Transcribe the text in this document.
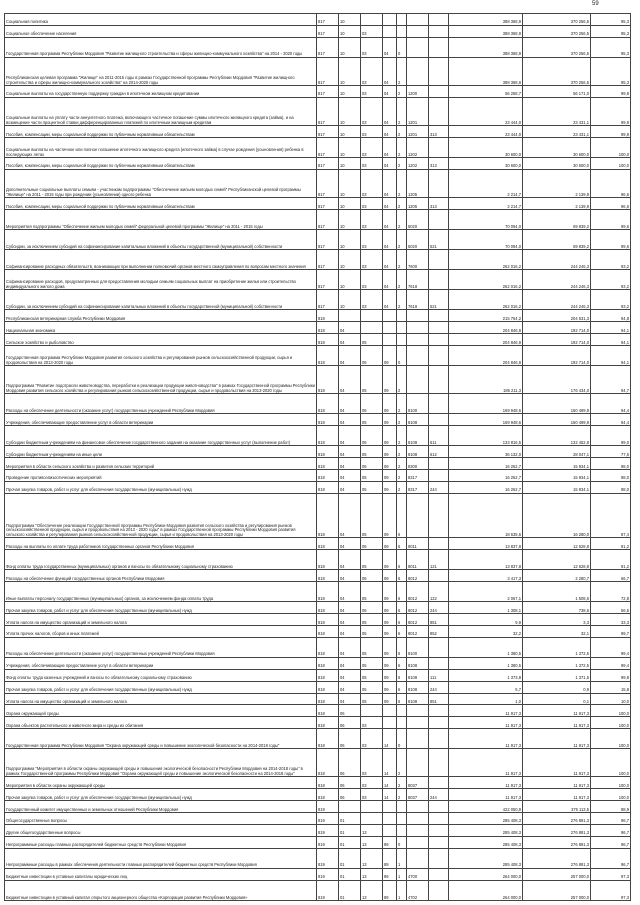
59
Социальная политика	817	10						388 368,9	370 256,5	95,3
Социальное обеспечение населения	817	10	03					388 368,9	370 256,5	95,3
Государственная программа Республики Мордовия "Развитие жилищного строительства и сферы жилищно-коммунального хозяйства" на 2014 - 2020 годы	817	10	03	04	0			388 368,9	370 256,5	95,3
Республиканская целевая программа "Жилище" на 2011-2015 годы в рамках Государственной программы Республики Мордовия "Развитие жилищного строительства и сферы жилищно-коммунального хозяйства" на 2014-2020 годы	817	10	03	04	2			388 368,9	370 256,5	95,3
Социальные выплаты на государственную поддержку граждан в ипотечном жилищном кредитовании	817	10	03	04	2	1200		56 258,7	56 171,0	99,8
Социальные выплаты на уплату части аннуитетного платежа, включающего частичное погашение суммы ипотечного жилищного кредита (займа), и на возмещение части процентной ставки дифференцированных платежей по ипотечным жилищным кредитам	817	10	03	04	2	1201		23 444,0	23 431,1	99,9
Пособия, компенсации, меры социальной поддержки по публичным нормативным обязательствам	817	10	03	04	2	1201	313	23 444,0	23 431,1	99,9
Социальные выплаты на частичное или полное погашение ипотечного жилищного кредита (ипотечного займа) в случае рождения (усыновления) ребенка в последующих летах	817	10	03	04	2	1202		30 600,0	30 600,0	100,0
Пособия, компенсации, меры социальной поддержки по публичным нормативным обязательствам	817	10	03	04	2	1202	313	30 600,0	30 600,0	100,0
Дополнительные социальные выплаты семьям - участникам подпрограммы "Обеспечение жильем молодых семей" Республиканской целевой программы "Жилище" на 2011 - 2015 годы при рождении (усыновлении) одного ребенка	817	10	03	04	2	1205		2 214,7	2 139,9	96,6
Пособия, компенсации, меры социальной поддержки по публичным нормативным обязательствам	817	10	03	04	2	1205	313	2 214,7	2 139,9	96,6
Мероприятия подпрограммы "Обеспечение жильем молодых семей" федеральной целевой программы "Жилище" на 2011 - 2015 годы	817	10	03	04	2	5020		70 094,0	69 839,2	99,6
Субсидии, за исключением субсидий на софинансирование капитальных вложений в объекты государственной (муниципальной) собственности	817	10	03	04	2	5020	521	70 094,0	69 839,2	99,6
Софинансирование расходных обязательств, возникающих при выполнении полномочий органов местного самоуправления по вопросам местного значения	817	10	03	04	2	7600		262 016,2	244 246,3	93,2
Софинансирование расходов, предусмотренных для предоставления молодым семьям социальных выплат на приобретение жилья или строительство индивидуального жилого дома	817	10	03	04	2	7618		262 016,2	244 246,3	93,2
Субсидии, за исключением субсидий на софинансирование капитальных вложений в объекты государственной (муниципальной) собственности	817	10	03	04	2	7618	521	262 016,2	244 246,3	93,2
Республиканская ветеринарная служба Республики Мордовия	818							215 764,2	204 531,3	94,8
Национальная экономика	818	04						204 846,9	192 714,0	94,1
Сельское хозяйство и рыболовство	818	04	05					204 846,9	192 714,0	94,1
Государственная программа Республики Мордовия развития сельского хозяйства и регулирования рынков сельскохозяйственной продукции, сырья и продовольствия на 2013-2020 годы	818	04	05	09	0			204 846,9	192 714,0	94,1
Подпрограмма "Развитие подотрасли животноводства, переработки и реализации продукции животноводства" в рамках Государственной программы Республики Мордовия развития сельского хозяйства и регулирования рынков сельскохозяйственной продукции, сырья и продовольствия на 2013-2020 годы	818	04	05	09	2			186 211,3	176 434,0	94,7
Расходы на обеспечение деятельности (оказание услуг) государственных учреждений Республики Мордовия	818	04	05	09	2	8100		169 948,6	160 499,9	94,4
Учреждения, обеспечивающие предоставление услуг в области ветеринарии	818	04	05	09	2	8108		169 948,6	160 499,9	94,4
Субсидии бюджетным учреждениям на финансовое обеспечение государственного задания на оказание государственных услуг (выполнение работ)	818	04	05	09	2	8108	611	133 816,5	132 452,8	99,0
Субсидии бюджетным учреждениям на иные цели	818	04	05	09	2	8108	612	36 132,0	28 047,1	77,6
Мероприятия в области сельского хозяйства и развития сельских территорий	818	04	05	09	2	8300		16 262,7	15 934,1	98,0
Проведение противоэпизоотических мероприятий	818	04	05	09	2	8317		16 262,7	15 934,1	98,0
Прочая закупка товаров, работ и услуг для обеспечения государственных (муниципальных) нужд	818	04	05	09	2	8317	244	16 262,7	15 934,1	98,0
Подпрограмма "Обеспечение реализации Государственной программы Республики Мордовия развития сельского хозяйства и регулирования рынков сельскохозяйственной продукции, сырья и продовольствия на 2013 - 2020 годы" в рамках Государственной программы Республики Мордовия развития сельского хозяйства и регулирования рынков сельскохозяйственной продукции, сырья и продовольствия на 2013-2020 годы	818	04	05	09	6			18 635,6	16 280,0	87,4
Расходы на выплаты по оплате труда работников государственных органов Республики Мордовия	818	04	05	09	6	8011		13 837,8	12 628,8	91,2
Фонд оплаты труда государственных (муниципальных) органов и взносы по обязательному социальному страхованию	818	04	05	09	6	8011	121	13 837,8	12 628,8	91,2
Расходы на обеспечение функций государственных органов Республики Мордовия	818	04	05	09	6	8012		3 417,3	2 280,7	66,7
Иные выплаты персоналу государственных (муниципальных) органов, за исключением фонда оплаты труда	818	04	05	09	6	8012	122	2 067,1	1 508,6	72,8
Прочая закупка товаров, работ и услуг для обеспечения государственных (муниципальных) нужд	818	04	05	09	6	8012	244	1 308,1	738,6	56,5
Уплата налога на имущество организаций и земельного налога	818	04	05	09	6	8012	851	9,9	3,3	33,3
Уплата прочих налогов, сборов и иных платежей	818	04	05	09	6	8012	852	32,2	32,1	99,7
Расходы на обеспечение деятельности (оказание услуг) государственных учреждений Республики Мордовия	818	04	05	09	6	8100		1 380,5	1 372,5	99,4
Учреждения, обеспечивающие предоставление услуг в области ветеринарии	818	04	05	09	6	8108		1 380,5	1 372,5	99,4
Фонд оплаты труда казенных учреждений и взносы по обязательному социальному страхованию	818	04	05	09	6	8108	111	1 373,8	1 371,5	99,8
Прочая закупка товаров, работ и услуг для обеспечения государственных (муниципальных) нужд	818	04	05	09	6	8108	244	5,7	0,9	15,8
Уплата налога на имущество организаций и земельного налога	818	04	05	09	6	8108	851	1,0	0,1	10,0
Охрана окружающей среды	818	06						11 917,3	11 917,3	100,0
Охрана объектов растительного и животного мира и среды их обитания	818	06	03					11 917,3	11 917,3	100,0
Государственная программа Республики Мордовия "Охрана окружающей среды и повышение экологической безопасности на 2014-2018 годы"	818	06	03	14	0			11 917,3	11 917,3	100,0
Подпрограмма "Мероприятия в области охраны окружающей среды и повышения экологической безопасности Республики Мордовия на 2014-2018 годы" в рамках Государственной программы Республики Мордовия "Охрана окружающей среды и повышение экологической безопасности на 2014-2018 годы"	818	06	03	14	2			11 917,3	11 917,3	100,0
Мероприятия в области охраны окружающей среды	818	06	03	14	2	8037		11 917,3	11 917,3	100,0
Прочая закупка товаров, работ и услуг для обеспечения государственных (муниципальных) нужд	818	06	03	14	2	8037	244	11 917,3	11 917,3	100,0
Государственный комитет имущественных и земельных отношений Республики Мордовия	819							422 050,9	375 113,5	88,9
Общегосударственные вопросы	819	01						285 408,3	276 891,3	96,7
Другие общегосударственные вопросы	819	01	13					285 408,3	276 891,3	96,7
Непрограммные расходы главных распорядителей бюджетных средств Республики Мордовия	819	01	13	89	0			285 408,3	276 891,3	96,7
Непрограммные расходы в рамках обеспечения деятельности главных распорядителей бюджетных средств Республики Мордовия	819	01	13	89	1			285 408,3	276 891,3	96,7
Бюджетные инвестиции в уставные капиталы юридических лиц	819	01	13	89	1	4700		264 000,0	257 000,0	97,3
Бюджетные инвестиции в уставный капитал открытого акционерного общества «Корпорация развития Республики Мордовия»	819	01	13	89	1	4702		264 000,0	257 000,0	97,3
